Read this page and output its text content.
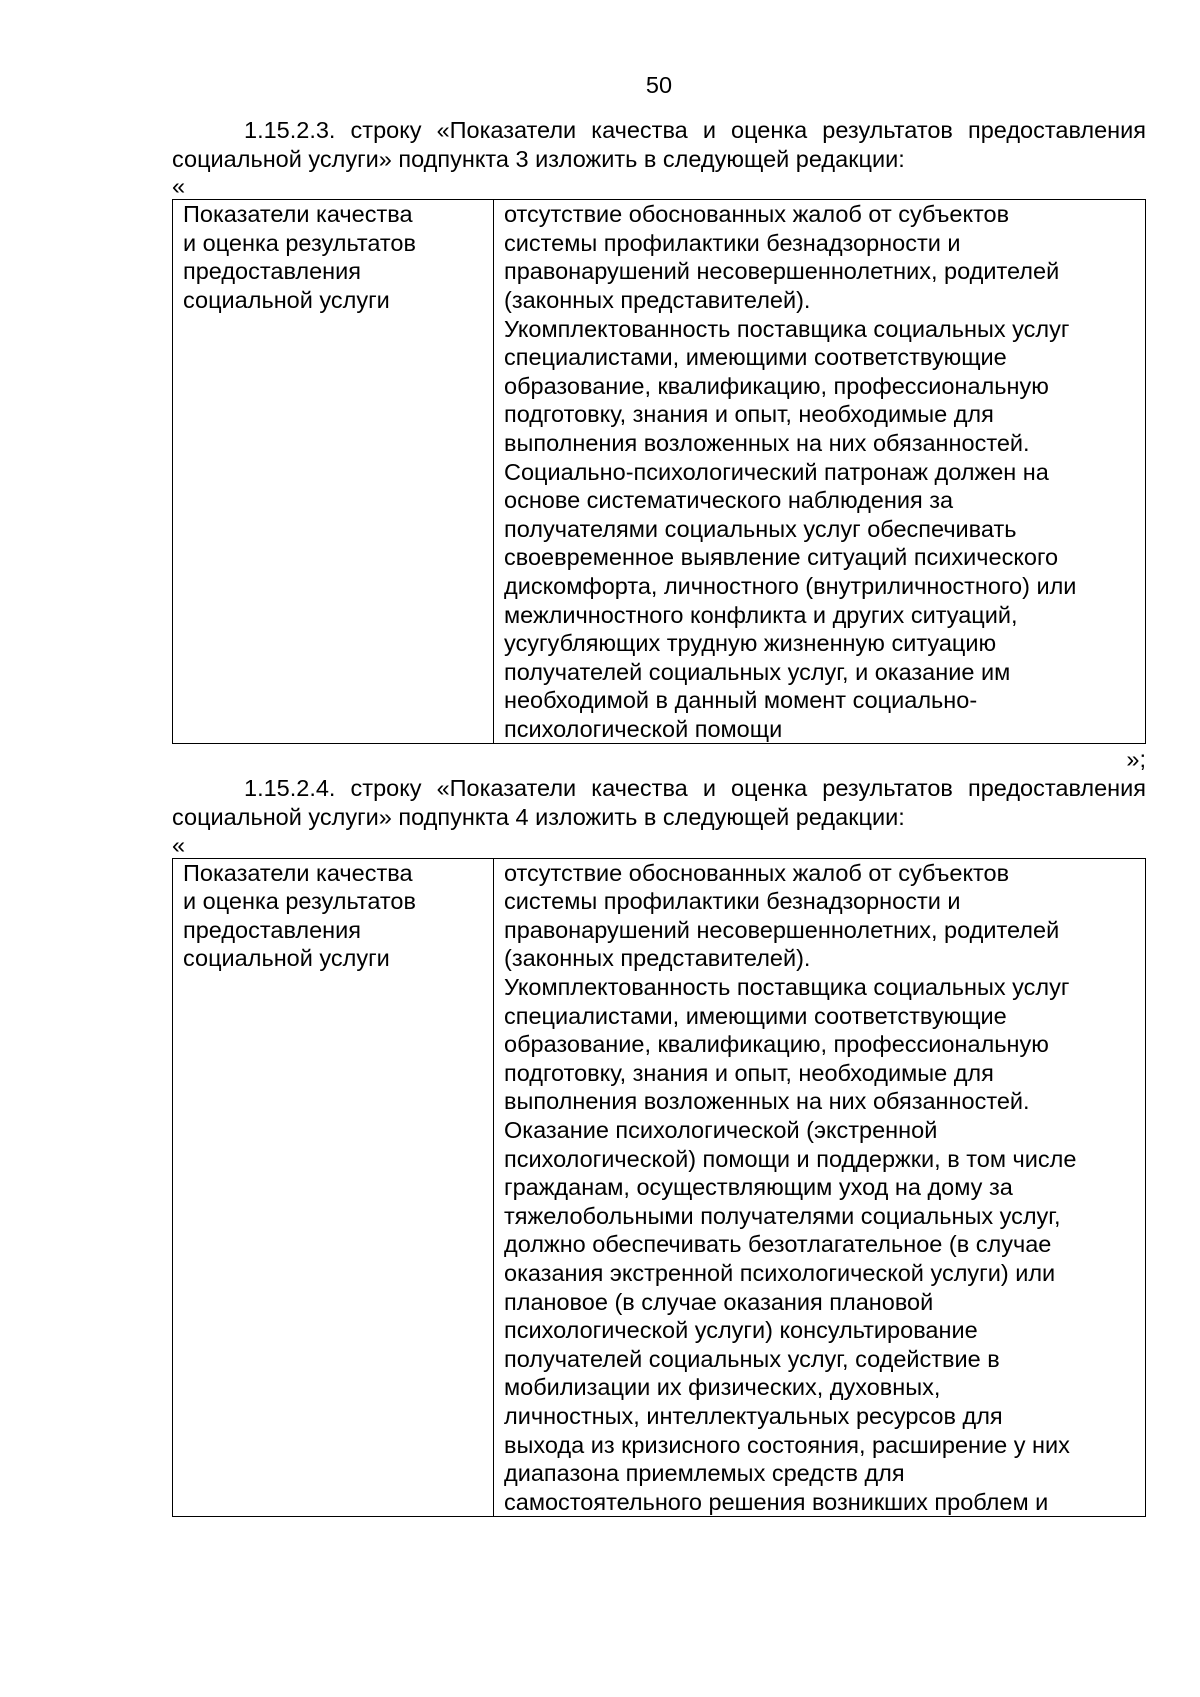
50

1.15.2.3. строку «Показатели качества и оценка результатов предоставления социальной услуги» подпункта 3 изложить в следующей редакции:

«
Показатели качества
и оценка результатов
предоставления
социальной услуги

отсутствие обоснованных жалоб от субъектов
системы профилактики безнадзорности и
правонарушений несовершеннолетних, родителей
(законных представителей).
Укомплектованность поставщика социальных услуг
специалистами, имеющими соответствующие
образование, квалификацию, профессиональную
подготовку, знания и опыт, необходимые для
выполнения возложенных на них обязанностей.
Социально-психологический патронаж должен на
основе систематического наблюдения за
получателями социальных услуг обеспечивать
своевременное выявление ситуаций психического
дискомфорта, личностного (внутриличностного) или
межличностного конфликта и других ситуаций,
усугубляющих трудную жизненную ситуацию
получателей социальных услуг, и оказание им
необходимой в данный момент социально-
психологической помощи
»;

1.15.2.4. строку «Показатели качества и оценка результатов предоставления социальной услуги» подпункта 4 изложить в следующей редакции:

«
Показатели качества
и оценка результатов
предоставления
социальной услуги

отсутствие обоснованных жалоб от субъектов
системы профилактики безнадзорности и
правонарушений несовершеннолетних, родителей
(законных представителей).
Укомплектованность поставщика социальных услуг
специалистами, имеющими соответствующие
образование, квалификацию, профессиональную
подготовку, знания и опыт, необходимые для
выполнения возложенных на них обязанностей.
Оказание психологической (экстренной
психологической) помощи и поддержки, в том числе
гражданам, осуществляющим уход на дому за
тяжелобольными получателями социальных услуг,
должно обеспечивать безотлагательное (в случае
оказания экстренной психологической услуги) или
плановое (в случае оказания плановой
психологической услуги) консультирование
получателей социальных услуг, содействие в
мобилизации их физических, духовных,
личностных, интеллектуальных ресурсов для
выхода из кризисного состояния, расширение у них
диапазона приемлемых средств для
самостоятельного решения возникших проблем и
